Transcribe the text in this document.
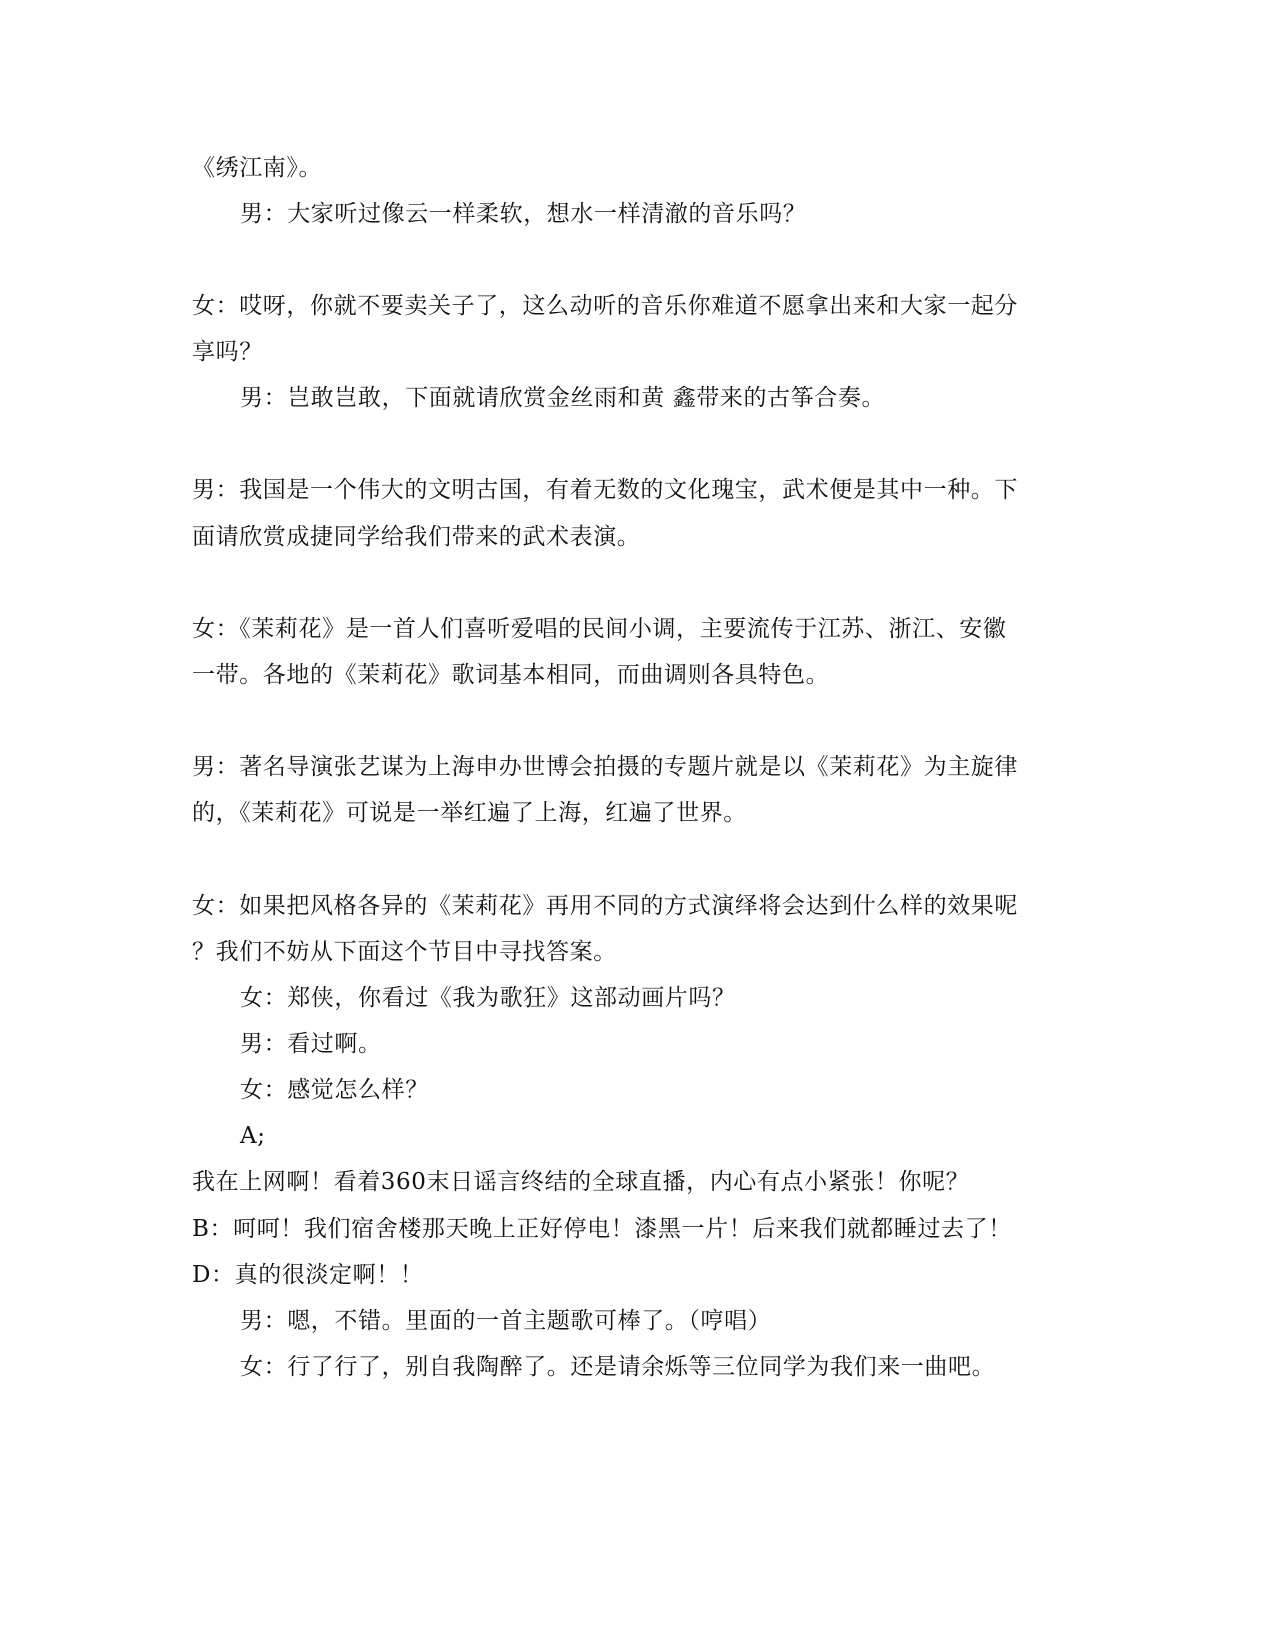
《绣江南》。
男：大家听过像云一样柔软，想水一样清澈的音乐吗？
女：哎呀，你就不要卖关子了，这么动听的音乐你难道不愿拿出来和大家一起分
享吗？
男：岂敢岂敢，下面就请欣赏金丝雨和黄 鑫带来的古筝合奏。
男：我国是一个伟大的文明古国，有着无数的文化瑰宝，武术便是其中一种。下
面请欣赏成捷同学给我们带来的武术表演。
女：《茉莉花》是一首人们喜听爱唱的民间小调，主要流传于江苏、浙江、安徽
一带。各地的《茉莉花》歌词基本相同，而曲调则各具特色。
男：著名导演张艺谋为上海申办世博会拍摄的专题片就是以《茉莉花》为主旋律
的，《茉莉花》可说是一举红遍了上海，红遍了世界。
女：如果把风格各异的《茉莉花》再用不同的方式演绎将会达到什么样的效果呢
？我们不妨从下面这个节目中寻找答案。
女：郑侠，你看过《我为歌狂》这部动画片吗？
男：看过啊。
女：感觉怎么样？
A;
我在上网啊！看着360末日谣言终结的全球直播，内心有点小紧张！你呢？
B：呵呵！我们宿舍楼那天晚上正好停电！漆黑一片！后来我们就都睡过去了！
D：真的很淡定啊！！
男：嗯，不错。里面的一首主题歌可棒了。（哼唱）
女：行了行了，别自我陶醉了。还是请余烁等三位同学为我们来一曲吧。
